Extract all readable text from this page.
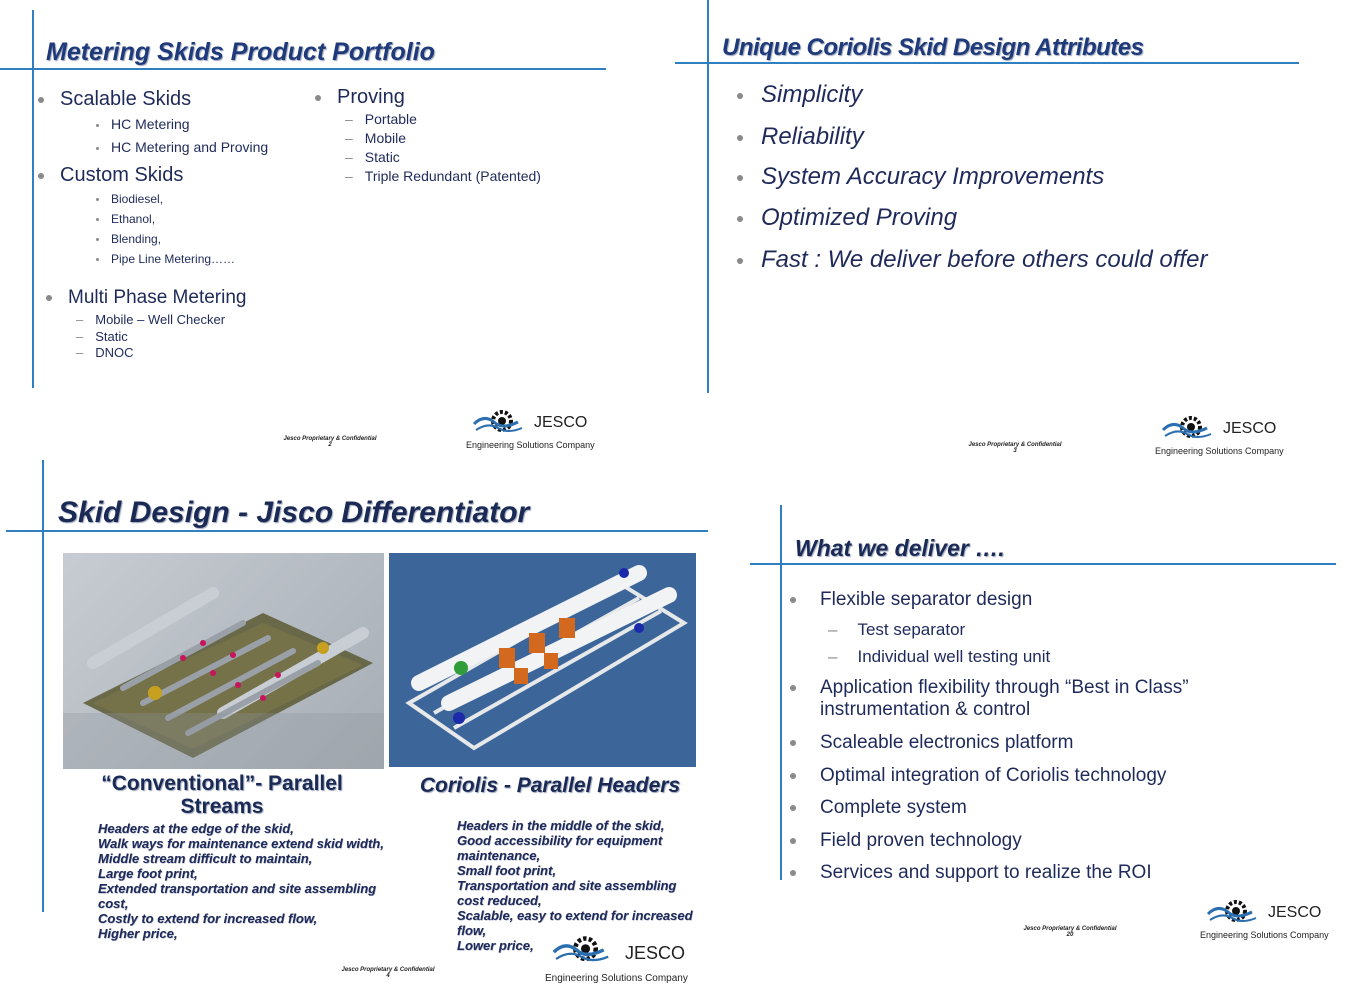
Metering Skids Product Portfolio
Scalable Skids
HC Metering
HC Metering and Proving
Custom Skids
Biodiesel,
Ethanol,
Blending,
Pipe Line Metering……
Multi Phase Metering
– Mobile – Well Checker
– Static
– DNOC
Proving
– Portable
– Mobile
– Static
– Triple Redundant (Patented)
Jesco Proprietary & Confidential
2
JESCO
Engineering Solutions Company
Unique Coriolis Skid Design Attributes
Simplicity
Reliability
System Accuracy Improvements
Optimized Proving
Fast : We deliver before others could offer
Jesco Proprietary & Confidential
3
JESCO
Engineering Solutions Company
Skid Design - Jisco Differentiator
“Conventional”- Parallel Streams
Coriolis - Parallel Headers
Headers at the edge of the skid,
Walk ways for maintenance extend skid width,
Middle stream difficult to maintain,
Large foot print,
Extended transportation and site assembling
cost,
Costly to extend for increased flow,
Higher price,
Headers in the middle of the skid,
Good accessibility for equipment
maintenance,
Small foot print,
Transportation and site assembling
cost reduced,
Scalable, easy to extend for increased
flow,
Lower price,
Jesco Proprietary & Confidential
4
JESCO
Engineering Solutions Company
What we deliver ….
Flexible separator design
– Test separator
– Individual well testing unit
Application flexibility through “Best in Class” instrumentation & control
Scaleable electronics platform
Optimal integration of Coriolis technology
Complete system
Field proven technology
Services and support to realize the ROI
Jesco Proprietary & Confidential
20
JESCO
Engineering Solutions Company
